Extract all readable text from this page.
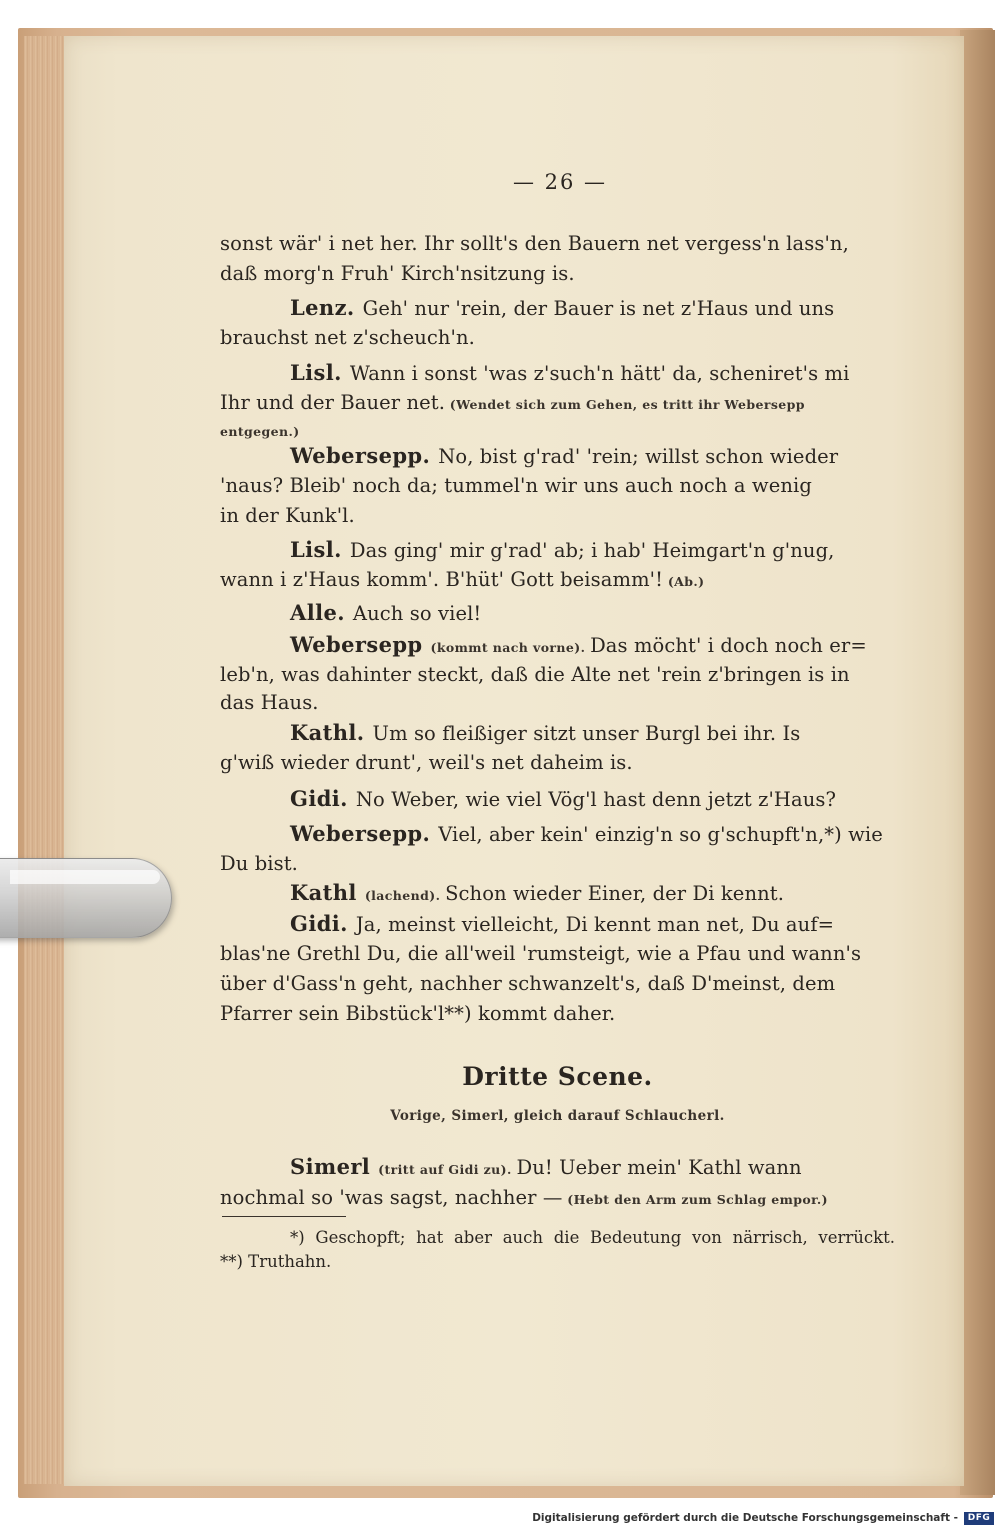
— 26 —
sonst wär' i net her. Ihr sollt's den Bauern net vergess'n lass'n,
daß morg'n Fruh' Kirch'nsitzung is.
Lenz. Geh' nur 'rein, der Bauer is net z'Haus und uns
brauchst net z'scheuch'n.
Lisl. Wann i sonst 'was z'such'n hätt' da, scheniret's mi
Ihr und der Bauer net. (Wendet sich zum Gehen, es tritt ihr Webersepp
entgegen.)
Webersepp. No, bist g'rad' 'rein; willst schon wieder
'naus? Bleib' noch da; tummel'n wir uns auch noch a wenig
in der Kunk'l.
Lisl. Das ging' mir g'rad' ab; i hab' Heimgart'n g'nug,
wann i z'Haus komm'. B'hüt' Gott beisamm'! (Ab.)
Alle. Auch so viel!
Webersepp (kommt nach vorne). Das möcht' i doch noch er=
leb'n, was dahinter steckt, daß die Alte net 'rein z'bringen is in
das Haus.
Kathl. Um so fleißiger sitzt unser Burgl bei ihr. Is
g'wiß wieder drunt', weil's net daheim is.
Gidi. No Weber, wie viel Vög'l hast denn jetzt z'Haus?
Webersepp. Viel, aber kein' einzig'n so g'schupft'n,*) wie
Du bist.
Kathl (lachend). Schon wieder Einer, der Di kennt.
Gidi. Ja, meinst vielleicht, Di kennt man net, Du auf=
blas'ne Grethl Du, die all'weil 'rumsteigt, wie a Pfau und wann's
über d'Gass'n geht, nachher schwanzelt's, daß D'meinst, dem
Pfarrer sein Bibstück'l**) kommt daher.
Dritte Scene.
Vorige, Simerl, gleich darauf Schlaucherl.
Simerl (tritt auf Gidi zu). Du! Ueber mein' Kathl wann
nochmal so 'was sagst, nachher — (Hebt den Arm zum Schlag empor.)
*) Geschopft; hat aber auch die Bedeutung von närrisch, verrückt.
**) Truthahn.
Digitalisierung gefördert durch die Deutsche Forschungsgemeinschaft -	DFG
